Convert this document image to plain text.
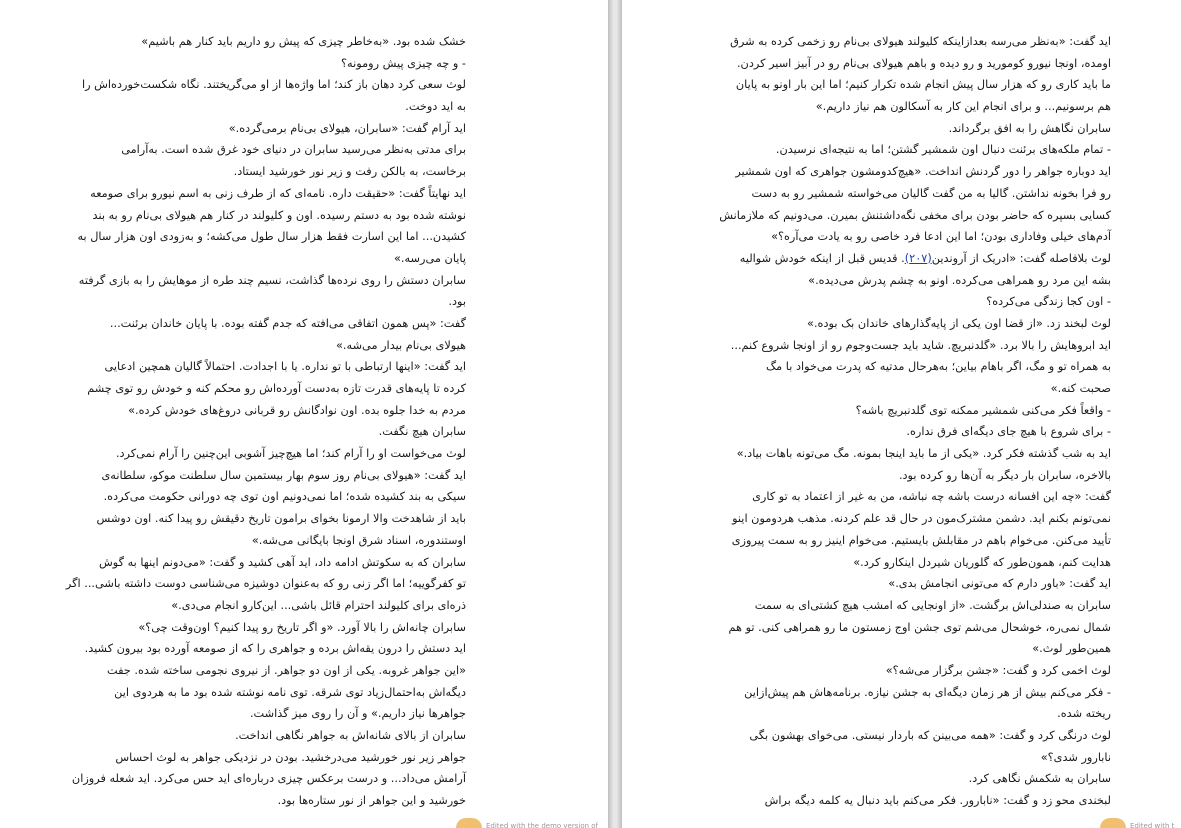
خشک شده بود. «به‌خاطر چیزی که پیش رو داریم باید کنار هم باشیم»
- و چه چیزی پیش رومونه؟
لوث سعی کرد دهان باز کند؛ اما واژه‌ها از او می‌گریختند. نگاه شکست‌خورده‌اش را
به اید دوخت.
اید آرام گفت: «سابران، هیولای بی‌نام برمی‌گرده.»
برای مدتی به‌نظر می‌رسید سابران در دنیای خود غرق شده است. به‌آرامی
برخاست، به بالکن رفت و زیر نور خورشید ایستاد.
اید نهایتاً گفت: «حقیقت داره. نامه‌ای که از طرف زنی به اسم نیورو برای صومعه
نوشته شده بود به دستم رسیده. اون و کلیولند در کنار هم هیولای بی‌نام رو به بند
کشیدن... اما این اسارت فقط هزار سال طول می‌کشه؛ و به‌زودی اون هزار سال به
پایان می‌رسه.»
سابران دستش را روی نرده‌ها گذاشت، نسیم چند طره از موهایش را به بازی گرفته
بود.
گفت: «پس همون اتفاقی می‌افته که جدم گفته بوده. با پایان خاندان برئنت...
هیولای بی‌نام بیدار می‌شه.»
اید گفت: «اینها ارتباطی با تو نداره. یا با اجدادت. احتمالاً گالیان همچین ادعایی
کرده تا پایه‌های قدرت تازه به‌دست آورده‌اش رو محکم کنه و خودش رو توی چشم
مردم به خدا جلوه بده. اون نوادگانش رو قربانی دروغ‌های خودش کرده.»
سابران هیچ نگفت.
لوث می‌خواست او را آرام کند؛ اما هیچ‌چیز آشوبی این‌چنین را آرام نمی‌کرد.
اید گفت: «هیولای بی‌نام روز سوم بهار بیستمین سال سلطنت موکو، سلطانه‌ی
سیکی به بند کشیده شده؛ اما نمی‌دونیم اون توی چه دورانی حکومت می‌کرده.
باید از شاهدخت والا ارمونا بخوای برامون تاریخ دقیقش رو پیدا کنه. اون دوشس
اوستندوره، اسناد شرق اونجا بایگانی می‌شه.»
سابران که به سکوتش ادامه داد، اید آهی کشید و گفت: «می‌دونم اینها به گوش
تو کفرگوییه؛ اما اگر زنی رو که به‌عنوان دوشیزه می‌شناسی دوست داشته باشی... اگر
ذره‌ای برای کلیولند احترام قائل باشی... این‌کارو انجام می‌دی.»
سابران چانه‌اش را بالا آورد. «و اگر تاریخ رو پیدا کنیم؟ اون‌وقت چی؟»
اید دستش را درون یقه‌اش برده و جواهری را که از صومعه آورده بود بیرون کشید.
«این جواهر غروبه. یکی از اون دو جواهر. از نیروی نجومی ساخته شده. جفت
دیگه‌اش به‌احتمال‌زیاد توی شرقه. توی نامه نوشته شده بود ما به هردوی این
جواهرها نیاز داریم.» و آن را روی میز گذاشت.
سابران از بالای شانه‌اش به جواهر نگاهی انداخت.
جواهر زیر نور خورشید می‌درخشید. بودن در نزدیکی جواهر به لوث احساس
آرامش می‌داد... و درست برعکس چیزی درباره‌ای اید حس می‌کرد. اید شعله فروزان
خورشید و این جواهر از نور ستاره‌ها بود.
Edited with the demo version of
اید گفت: «به‌نظر می‌رسه بعدازاینکه کلیولند هیولای بی‌نام رو زخمی کرده به شرق
اومده، اونجا نیورو کومورید و رو دیده و باهم هیولای بی‌نام رو در آبیز اسیر کردن.
ما باید کاری رو که هزار سال پیش انجام شده تکرار کنیم؛ اما این بار اونو به پایان
هم برسونیم... و برای انجام این کار به آسکالون هم نیاز داریم.»
سابران نگاهش را به افق برگرداند.
- تمام ملکه‌های برئنت دنبال اون شمشیر گشتن؛ اما به نتیجه‌ای نرسیدن.
اید دوباره جواهر را دور گردنش انداخت. «هیچ‌کدومشون جواهری که اون شمشیر
رو فرا بخونه نداشتن. گالیا به من گفت گالیان می‌خواسته شمشیر رو به دست
کسایی بسپره که حاضر بودن برای مخفی نگه‌داشتنش بمیرن. می‌دونیم که ملازمانش
آدم‌های خیلی وفاداری بودن؛ اما این ادعا فرد خاصی رو به یادت می‌آره؟»
لوث بلافاصله گفت: «ادریک از آروندین(۲۰۷). قدیس قبل از اینکه خودش شوالیه
بشه این مرد رو همراهی می‌کرده. اونو به چشم پدرش می‌دیده.»
- اون کجا زندگی می‌کرده؟
لوث لبخند زد. «از قضا اون یکی از پایه‌گذارهای خاندان بک بوده.»
اید ابروهایش را بالا برد. «گلدنبریچ. شاید باید جست‌وجوم رو از اونجا شروع کنم...
به همراه تو و مگ، اگر باهام بیاین؛ به‌هرحال مدتیه که پدرت می‌خواد با مگ
صحبت کنه.»
- واقعاً فکر می‌کنی شمشیر ممکنه توی گلدنبریچ باشه؟
- برای شروع با هیچ جای دیگه‌ای فرق نداره.
اید به شب گذشته فکر کرد. «یکی از ما باید اینجا بمونه. مگ می‌تونه باهات بیاد.»
بالاخره، سابران بار دیگر به آن‌ها رو کرده بود.
گفت: «چه این افسانه درست باشه چه نباشه، من به غیر از اعتماد به تو کاری
نمی‌تونم بکنم اید. دشمن مشترک‌مون در حال قد علم کردنه. مذهب هردومون اینو
تأیید می‌کنن. می‌خوام باهم در مقابلش بایستیم. می‌خوام اینیز رو به سمت پیروزی
هدایت کنم، همون‌طور که گلوریان شیردل اینکارو کرد.»
اید گفت: «باور دارم که می‌تونی انجامش بدی.»
سابران به صندلی‌اش برگشت. «از اونجایی که امشب هیچ کشتی‌ای به سمت
شمال نمی‌ره، خوشحال می‌شم توی جشن اوج زمستون ما رو همراهی کنی. تو هم
همین‌طور لوث.»
لوث اخمی کرد و گفت: «جشن برگزار می‌شه؟»
- فکر می‌کنم بیش از هر زمان دیگه‌ای به جشن نیازه. برنامه‌هاش هم پیش‌ازاین
ریخته شده.
لوث درنگی کرد و گفت: «همه می‌بینن که باردار نیستی. می‌خوای بهشون بگی
نابارور شدی؟»
سابران به شکمش نگاهی کرد.
لبخندی محو زد و گفت: «نابارور. فکر می‌کنم باید دنبال یه کلمه دیگه براش
Edited with t
